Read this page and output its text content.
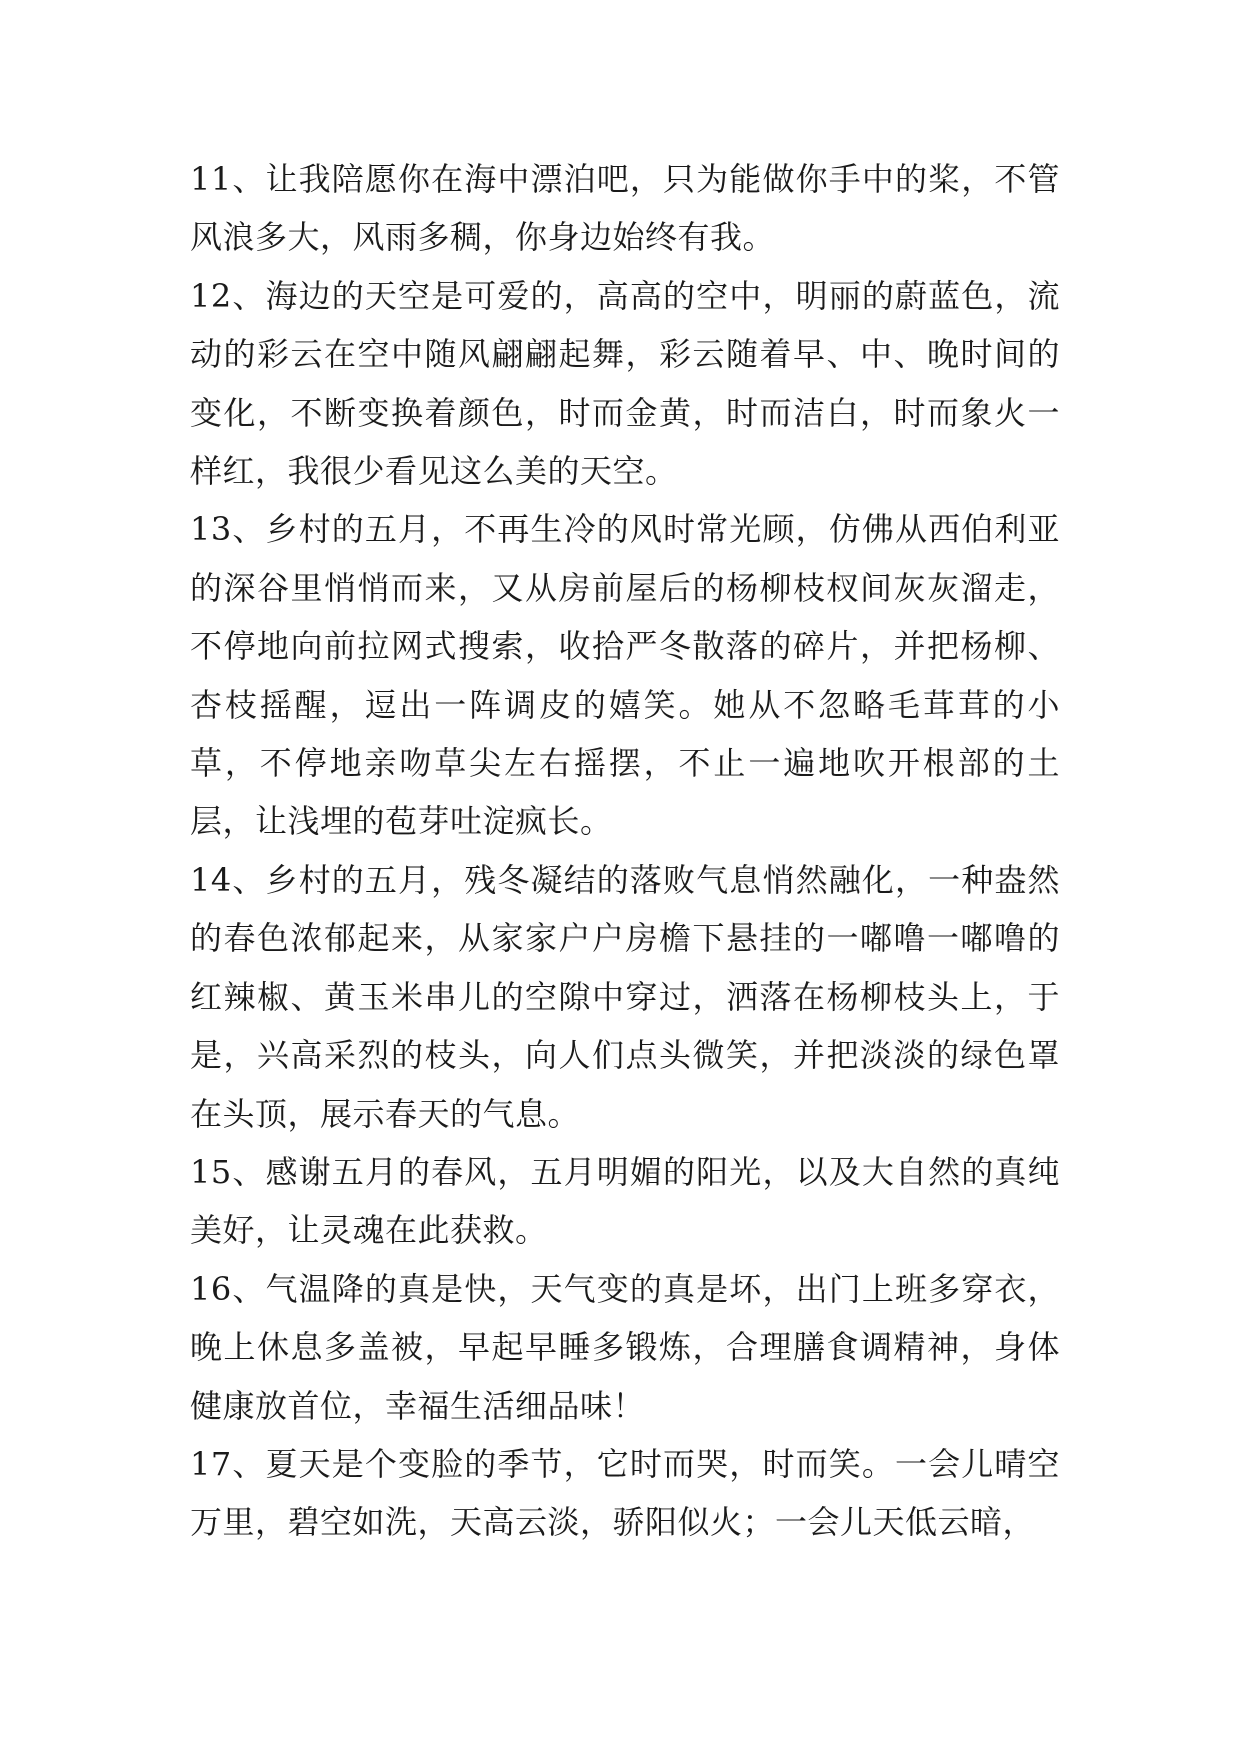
11、让我陪愿你在海中漂泊吧，只为能做你手中的桨，不管风浪多大，风雨多稠，你身边始终有我。

12、海边的天空是可爱的，高高的空中，明丽的蔚蓝色，流动的彩云在空中随风翩翩起舞，彩云随着早、中、晚时间的变化，不断变换着颜色，时而金黄，时而洁白，时而象火一样红，我很少看见这么美的天空。

13、乡村的五月，不再生冷的风时常光顾，仿佛从西伯利亚的深谷里悄悄而来，又从房前屋后的杨柳枝杈间灰灰溜走，不停地向前拉网式搜索，收拾严冬散落的碎片，并把杨柳、杏枝摇醒，逗出一阵调皮的嬉笑。她从不忽略毛茸茸的小草，不停地亲吻草尖左右摇摆，不止一遍地吹开根部的土层，让浅埋的苞芽吐淀疯长。

14、乡村的五月，残冬凝结的落败气息悄然融化，一种盎然的春色浓郁起来，从家家户户房檐下悬挂的一嘟噜一嘟噜的红辣椒、黄玉米串儿的空隙中穿过，洒落在杨柳枝头上，于是，兴高采烈的枝头，向人们点头微笑，并把淡淡的绿色罩在头顶，展示春天的气息。

15、感谢五月的春风，五月明媚的阳光，以及大自然的真纯美好，让灵魂在此获救。

16、气温降的真是快，天气变的真是坏，出门上班多穿衣，晚上休息多盖被，早起早睡多锻炼，合理膳食调精神，身体健康放首位，幸福生活细品味！

17、夏天是个变脸的季节，它时而哭，时而笑。一会儿晴空万里，碧空如洗，天高云淡，骄阳似火；一会儿天低云暗，
